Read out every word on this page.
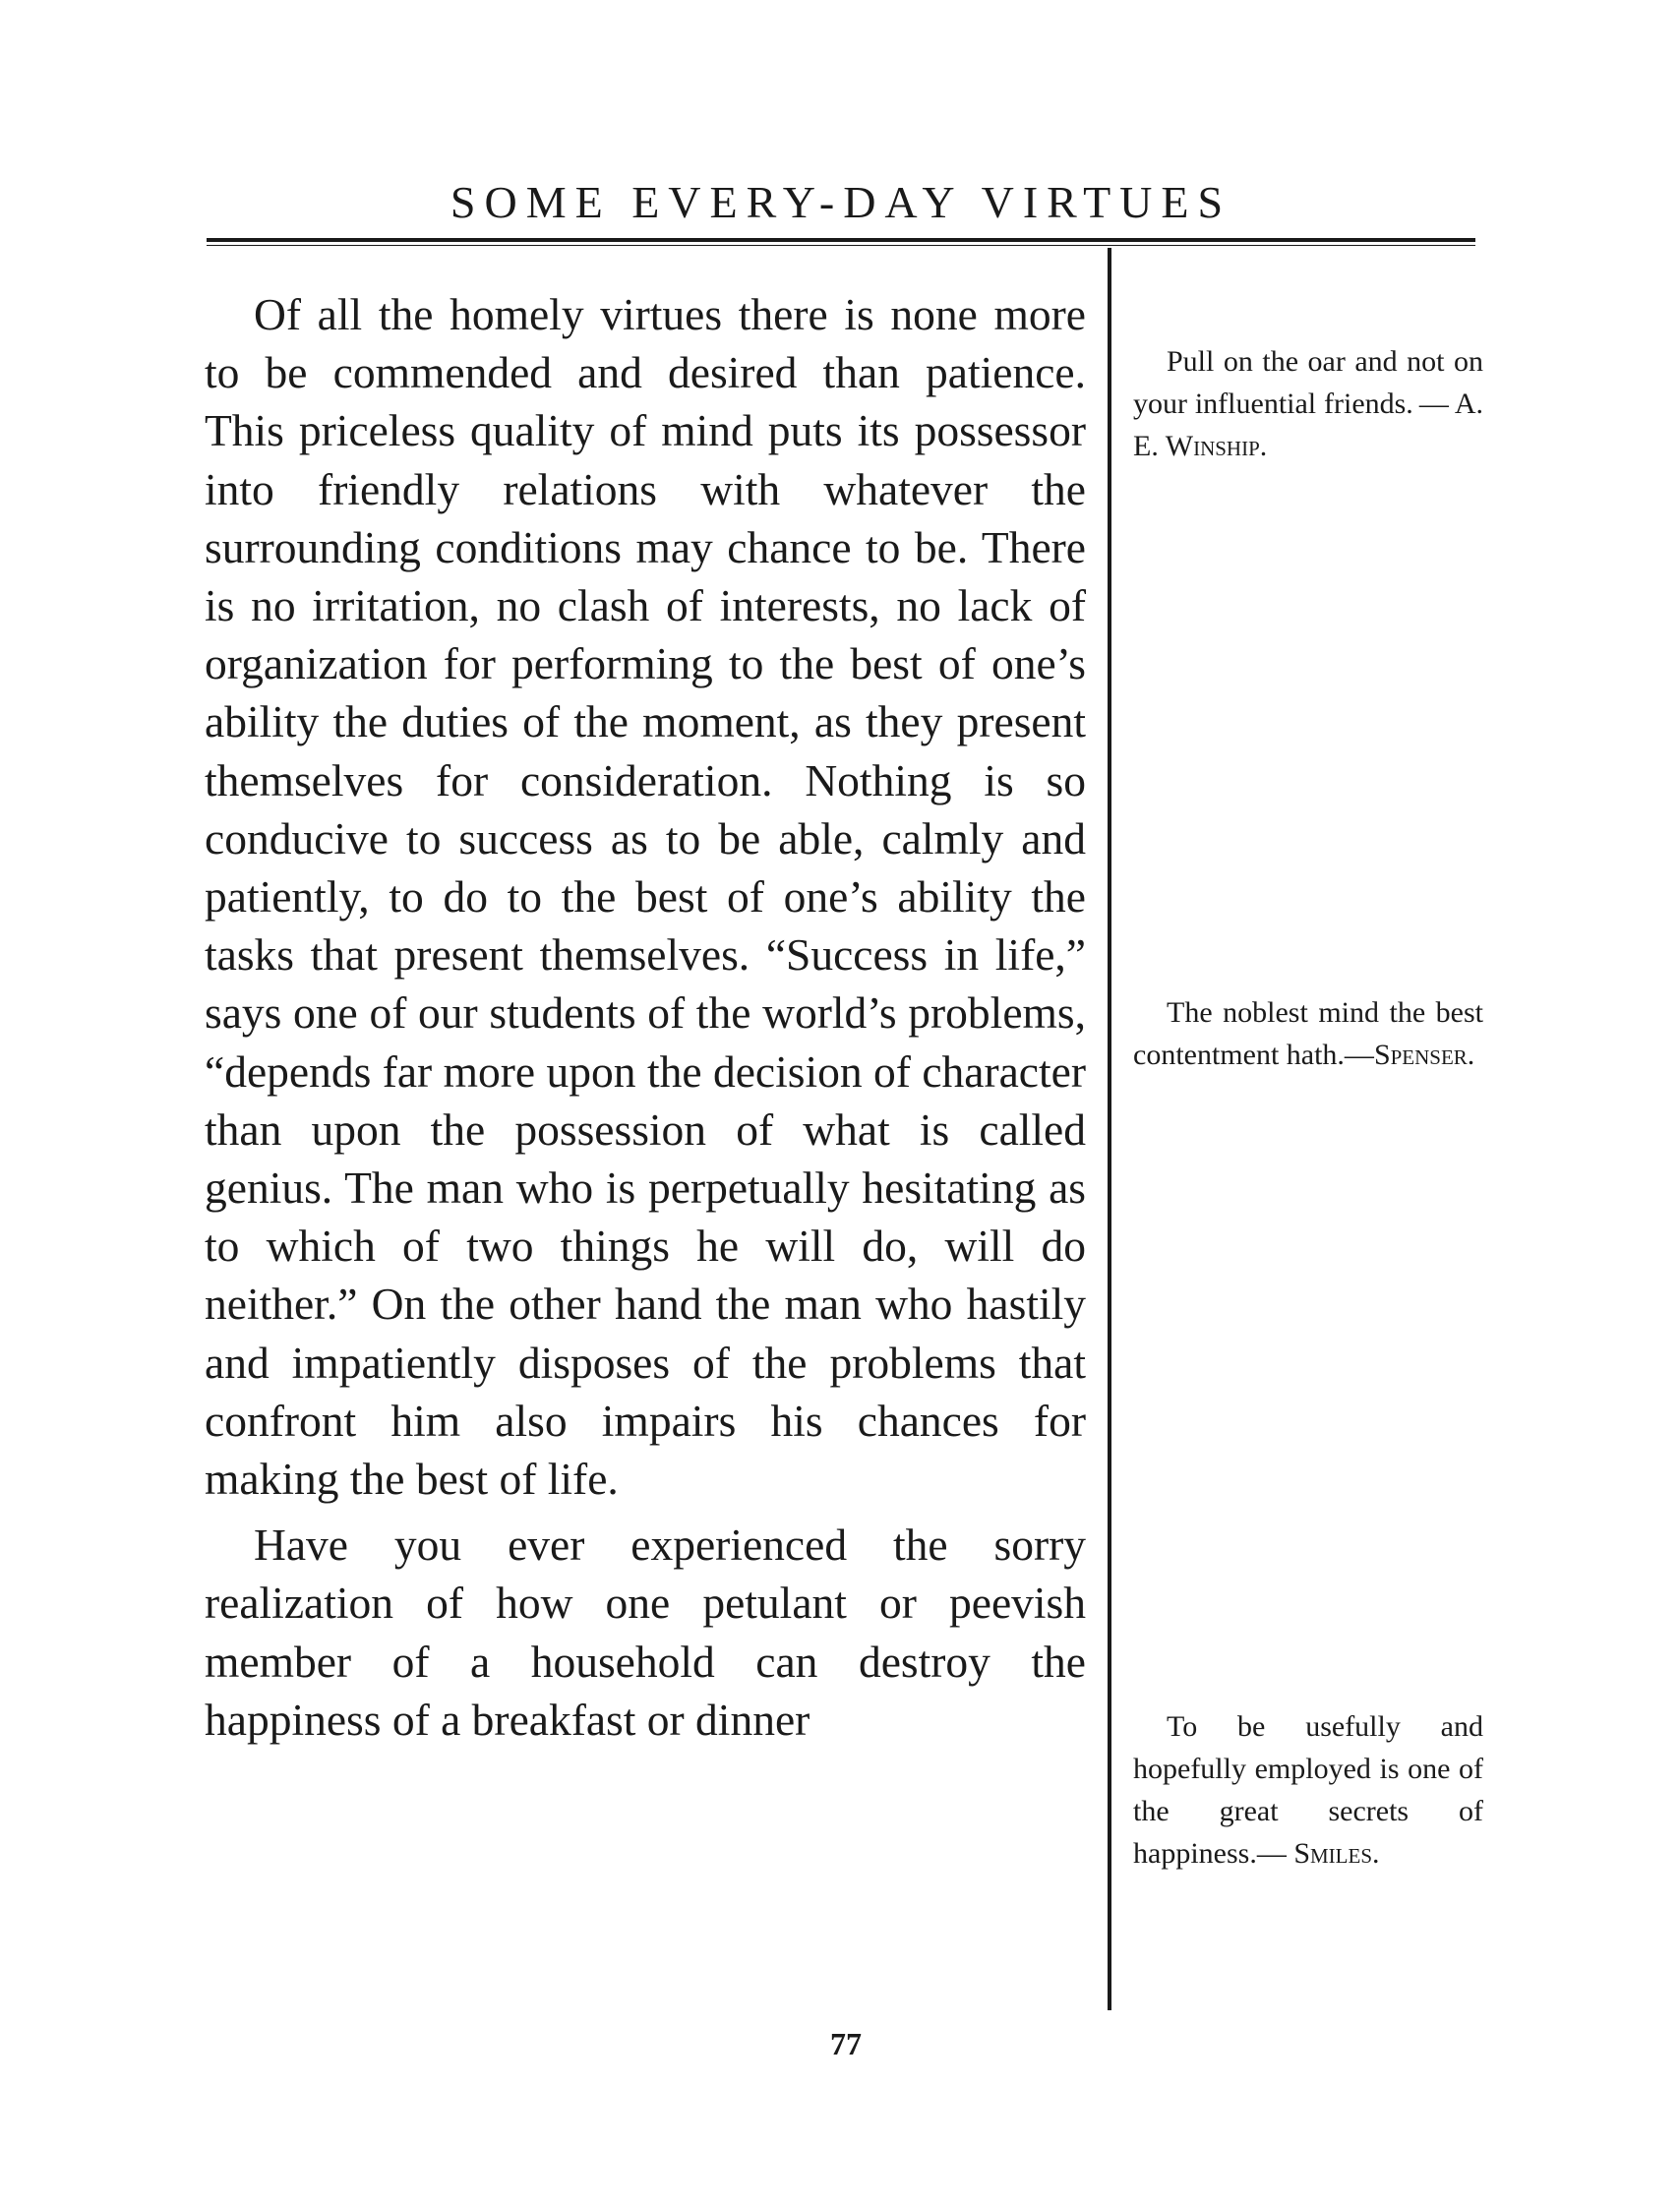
SOME EVERY-DAY VIRTUES

Of all the homely virtues there is none more to be commended and desired than patience. This priceless quality of mind puts its possessor into friendly relations with whatever the surrounding conditions may chance to be. There is no irritation, no clash of interests, no lack of organization for performing to the best of one’s ability the duties of the moment, as they present themselves for consideration. Nothing is so conducive to success as to be able, calmly and patiently, to do to the best of one’s ability the tasks that present themselves. “Success in life,” says one of our students of the world’s problems, “depends far more upon the decision of character than upon the possession of what is called genius. The man who is perpetually hesitating as to which of two things he will do, will do neither.” On the other hand the man who hastily and impatiently disposes of the problems that confront him also impairs his chances for making the best of life.

Have you ever experienced the sorry realization of how one petulant or peevish member of a household can destroy the happiness of a breakfast or dinner

Pull on the oar and not on your influential friends. — A. E. Winship.
The noblest mind the best contentment hath.—Spenser.
To be usefully and hopefully employed is one of the great secrets of happiness.— Smiles.
77
